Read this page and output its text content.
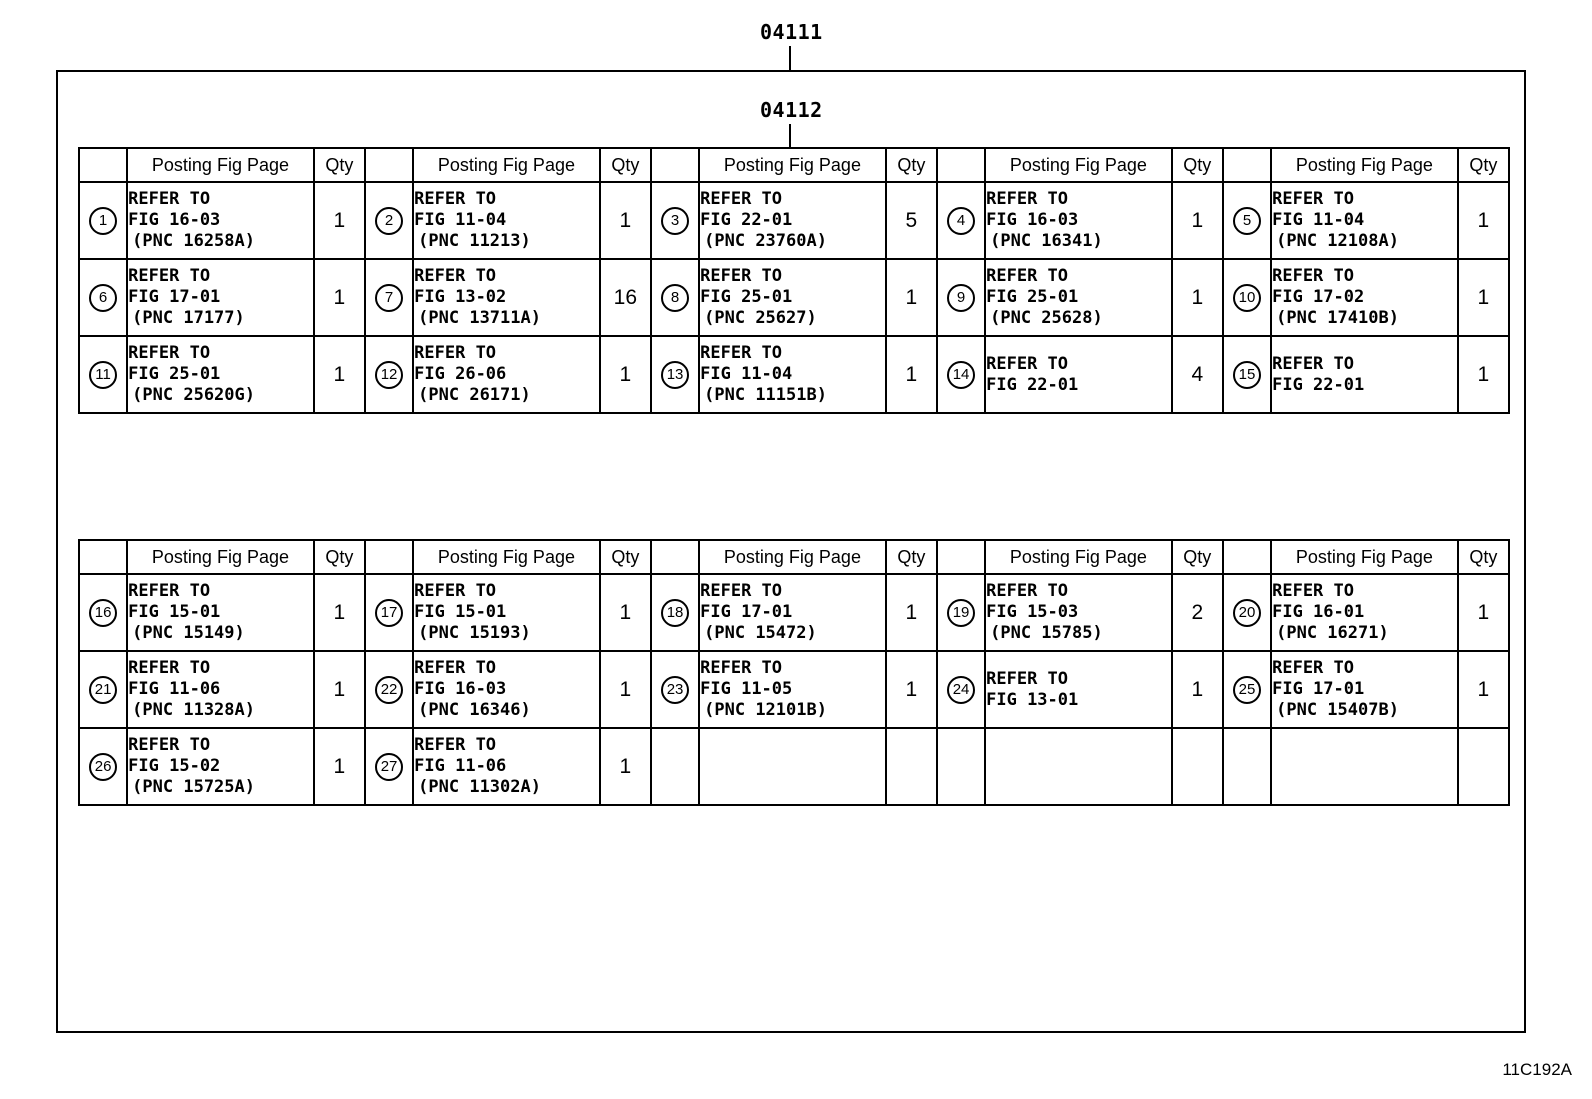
04111
04112
	Posting Fig Page	Qty		Posting Fig Page	Qty		Posting Fig Page	Qty		Posting Fig Page	Qty		Posting Fig Page	Qty
1	REFER TO
FIG 16-03
(PNC 16258A)	1	2	REFER TO
FIG 11-04
(PNC 11213)	1	3	REFER TO
FIG 22-01
(PNC 23760A)	5	4	REFER TO
FIG 16-03
(PNC 16341)	1	5	REFER TO
FIG 11-04
(PNC 12108A)	1
6	REFER TO
FIG 17-01
(PNC 17177)	1	7	REFER TO
FIG 13-02
(PNC 13711A)	16	8	REFER TO
FIG 25-01
(PNC 25627)	1	9	REFER TO
FIG 25-01
(PNC 25628)	1	10	REFER TO
FIG 17-02
(PNC 17410B)	1
11	REFER TO
FIG 25-01
(PNC 25620G)	1	12	REFER TO
FIG 26-06
(PNC 26171)	1	13	REFER TO
FIG 11-04
(PNC 11151B)	1	14	REFER TO
FIG 22-01	4	15	REFER TO
FIG 22-01	1
	Posting Fig Page	Qty		Posting Fig Page	Qty		Posting Fig Page	Qty		Posting Fig Page	Qty		Posting Fig Page	Qty
16	REFER TO
FIG 15-01
(PNC 15149)	1	17	REFER TO
FIG 15-01
(PNC 15193)	1	18	REFER TO
FIG 17-01
(PNC 15472)	1	19	REFER TO
FIG 15-03
(PNC 15785)	2	20	REFER TO
FIG 16-01
(PNC 16271)	1
21	REFER TO
FIG 11-06
(PNC 11328A)	1	22	REFER TO
FIG 16-03
(PNC 16346)	1	23	REFER TO
FIG 11-05
(PNC 12101B)	1	24	REFER TO
FIG 13-01	1	25	REFER TO
FIG 17-01
(PNC 15407B)	1
26	REFER TO
FIG 15-02
(PNC 15725A)	1	27	REFER TO
FIG 11-06
(PNC 11302A)	1									
11C192A
